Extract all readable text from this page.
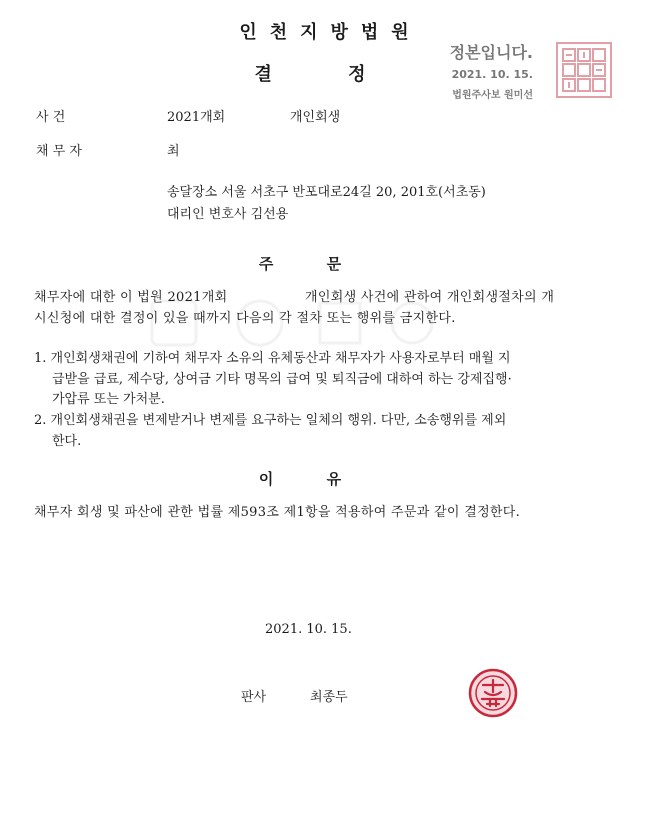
인천지방법원
결 정
정본입니다.
2021. 10. 15.
법원주사보 원미선
사 건	2021개회	개인회생
채 무 자	최
송달장소 서울 서초구 반포대로24길 20, 201호(서초동)
대리인 변호사 김선용
주 문
채무자에 대한 이 법원 2021개회	개인회생 사건에 관하여 개인회생절차의 개
시신청에 대한 결정이 있을 때까지 다음의 각 절차 또는 행위를 금지한다.
1. 개인회생채권에 기하여 채무자 소유의 유체동산과 채무자가 사용자로부터 매월 지
급받을 급료, 제수당, 상여금 기타 명목의 급여 및 퇴직금에 대하여 하는 강제집행·
가압류 또는 가처분.
2. 개인회생채권을 변제받거나 변제를 요구하는 일체의 행위. 다만, 소송행위를 제외
한다.
이 유
채무자 회생 및 파산에 관한 법률 제593조 제1항을 적용하여 주문과 같이 결정한다.
2021. 10. 15.
판사	최종두
